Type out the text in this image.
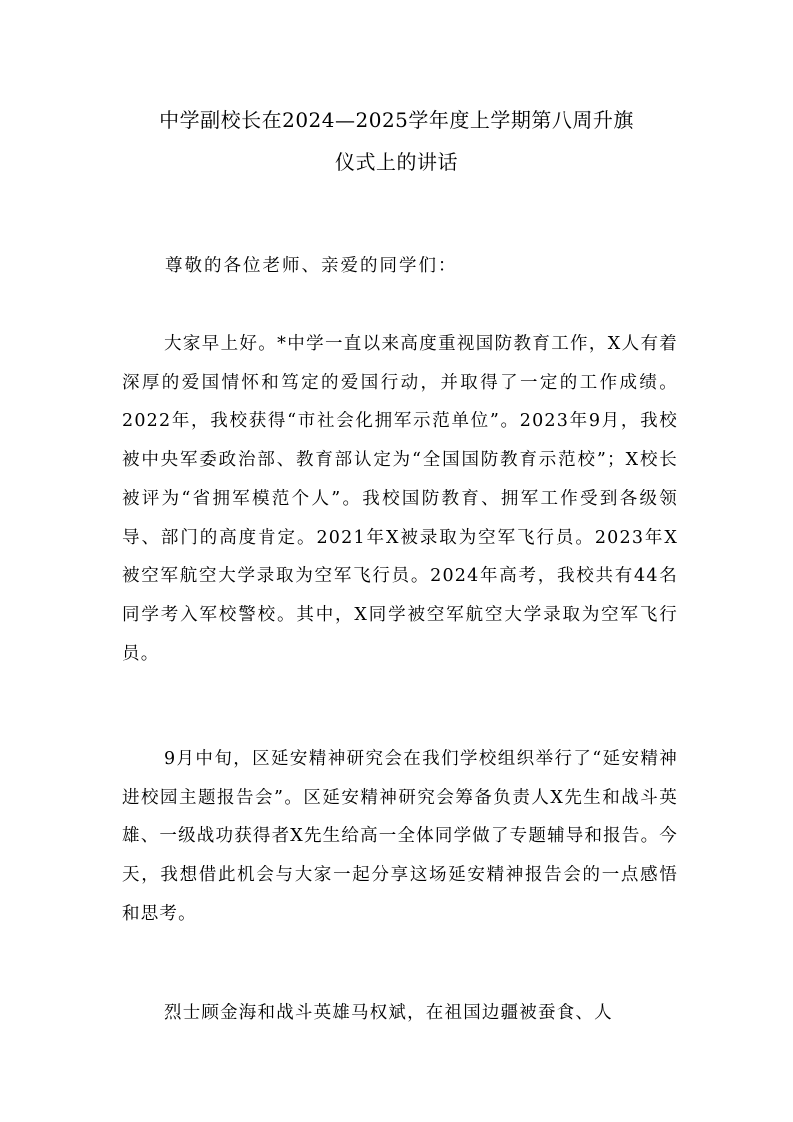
中学副校长在2024—2025学年度上学期第八周升旗
仪式上的讲话
尊敬的各位老师、亲爱的同学们：

大家早上好。*中学一直以来高度重视国防教育工作，X人有着深厚的爱国情怀和笃定的爱国行动，并取得了一定的工作成绩。2022年，我校获得“市社会化拥军示范单位”。2023年9月，我校被中央军委政治部、教育部认定为“全国国防教育示范校”；X校长被评为“省拥军模范个人”。我校国防教育、拥军工作受到各级领导、部门的高度肯定。2021年X被录取为空军飞行员。2023年X被空军航空大学录取为空军飞行员。2024年高考，我校共有44名同学考入军校警校。其中，X同学被空军航空大学录取为空军飞行员。

9月中旬，区延安精神研究会在我们学校组织举行了“延安精神进校园主题报告会”。区延安精神研究会筹备负责人X先生和战斗英雄、一级战功获得者X先生给高一全体同学做了专题辅导和报告。今天，我想借此机会与大家一起分享这场延安精神报告会的一点感悟和思考。

烈士顾金海和战斗英雄马权斌，在祖国边疆被蚕食、人
